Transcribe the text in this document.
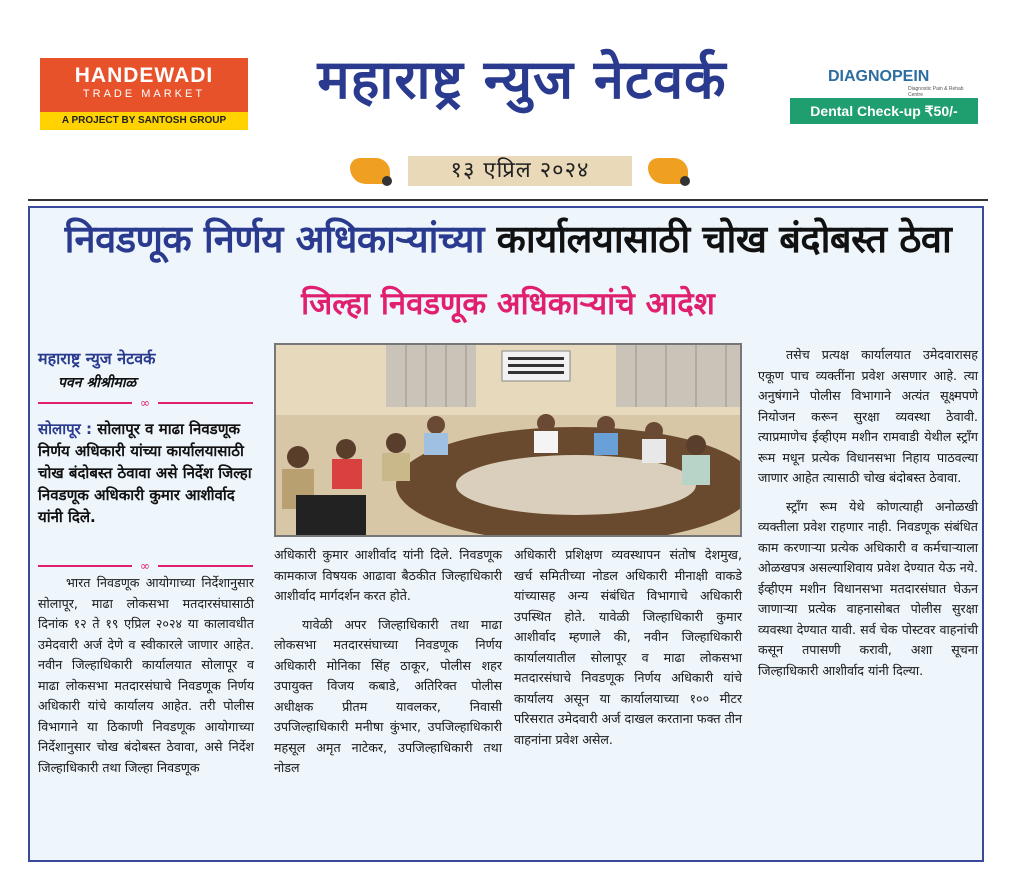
HANDEWADI
TRADE MARKET
A PROJECT BY SANTOSH GROUP
महाराष्ट्र न्युज नेटवर्क	DIAGNOPEIN
Diagnostic Pain & Rehab Centre
Dental Check-up ₹50/-
१३ एप्रिल २०२४
निवडणूक निर्णय अधिकाऱ्यांच्या कार्यालयासाठी चोख बंदोबस्त ठेवा
जिल्हा निवडणूक अधिकाऱ्यांचे आदेश
महाराष्ट्र न्युज नेटवर्क
पवन श्रीश्रीमाळ
∞
सोलापूर : सोलापूर व माढा निवडणूक निर्णय अधिकारी यांच्या कार्यालयासाठी चोख बंदोबस्त ठेवावा असे निर्देश जिल्हा निवडणूक अधिकारी कुमार आशीर्वाद यांनी दिले.
∞

भारत निवडणूक आयोगाच्या निर्देशानुसार सोलापूर, माढा लोकसभा मतदारसंघासाठी दिनांक १२ ते १९ एप्रिल २०२४ या कालावधीत उमेदवारी अर्ज देणे व स्वीकारले जाणार आहेत. नवीन जिल्हाधिकारी कार्यालयात सोलापूर व माढा लोकसभा मतदारसंघाचे निवडणूक निर्णय अधिकारी यांचे कार्यालय आहेत. तरी पोलीस विभागाने या ठिकाणी निवडणूक आयोगाच्या निर्देशानुसार चोख बंदोबस्त ठेवावा, असे निर्देश जिल्हाधिकारी तथा जिल्हा निवडणूक

अधिकारी कुमार आशीर्वाद यांनी दिले. निवडणूक कामकाज विषयक आढावा बैठकीत जिल्हाधिकारी आशीर्वाद मार्गदर्शन करत होते.

यावेळी अपर जिल्हाधिकारी तथा माढा लोकसभा मतदारसंघाच्या निवडणूक निर्णय अधिकारी मोनिका सिंह ठाकूर, पोलीस शहर उपायुक्त विजय कबाडे, अतिरिक्त पोलीस अधीक्षक प्रीतम यावलकर, निवासी उपजिल्हाधिकारी मनीषा कुंभार, उपजिल्हाधिकारी महसूल अमृत नाटेकर, उपजिल्हाधिकारी तथा नोडल

अधिकारी प्रशिक्षण व्यवस्थापन संतोष देशमुख, खर्च समितीच्या नोडल अधिकारी मीनाक्षी वाकडे यांच्यासह अन्य संबंधित विभागाचे अधिकारी उपस्थित होते. यावेळी जिल्हाधिकारी कुमार आशीर्वाद म्हणाले की, नवीन जिल्हाधिकारी कार्यालयातील सोलापूर व माढा लोकसभा मतदारसंघाचे निवडणूक निर्णय अधिकारी यांचे कार्यालय असून या कार्यालयाच्या १०० मीटर परिसरात उमेदवारी अर्ज दाखल करताना फक्त तीन वाहनांना प्रवेश असेल.

तसेच प्रत्यक्ष कार्यालयात उमेदवारासह एकूण पाच व्यक्तींना प्रवेश असणार आहे. त्या अनुषंगाने पोलीस विभागाने अत्यंत सूक्ष्मपणे नियोजन करून सुरक्षा व्यवस्था ठेवावी. त्याप्रमाणेच ईव्हीएम मशीन रामवाडी येथील स्ट्रॉंग रूम मधून प्रत्येक विधानसभा निहाय पाठवल्या जाणार आहेत त्यासाठी चोख बंदोबस्त ठेवावा.

स्ट्रॉंग रूम येथे कोणत्याही अनोळखी व्यक्तीला प्रवेश राहणार नाही. निवडणूक संबंधित काम करणाऱ्या प्रत्येक अधिकारी व कर्मचाऱ्याला ओळखपत्र असल्याशिवाय प्रवेश देण्यात येऊ नये. ईव्हीएम मशीन विधानसभा मतदारसंघात घेऊन जाणाऱ्या प्रत्येक वाहनासोबत पोलीस सुरक्षा व्यवस्था देण्यात यावी. सर्व चेक पोस्टवर वाहनांची कसून तपासणी करावी, अशा सूचना जिल्हाधिकारी आशीर्वाद यांनी दिल्या.
